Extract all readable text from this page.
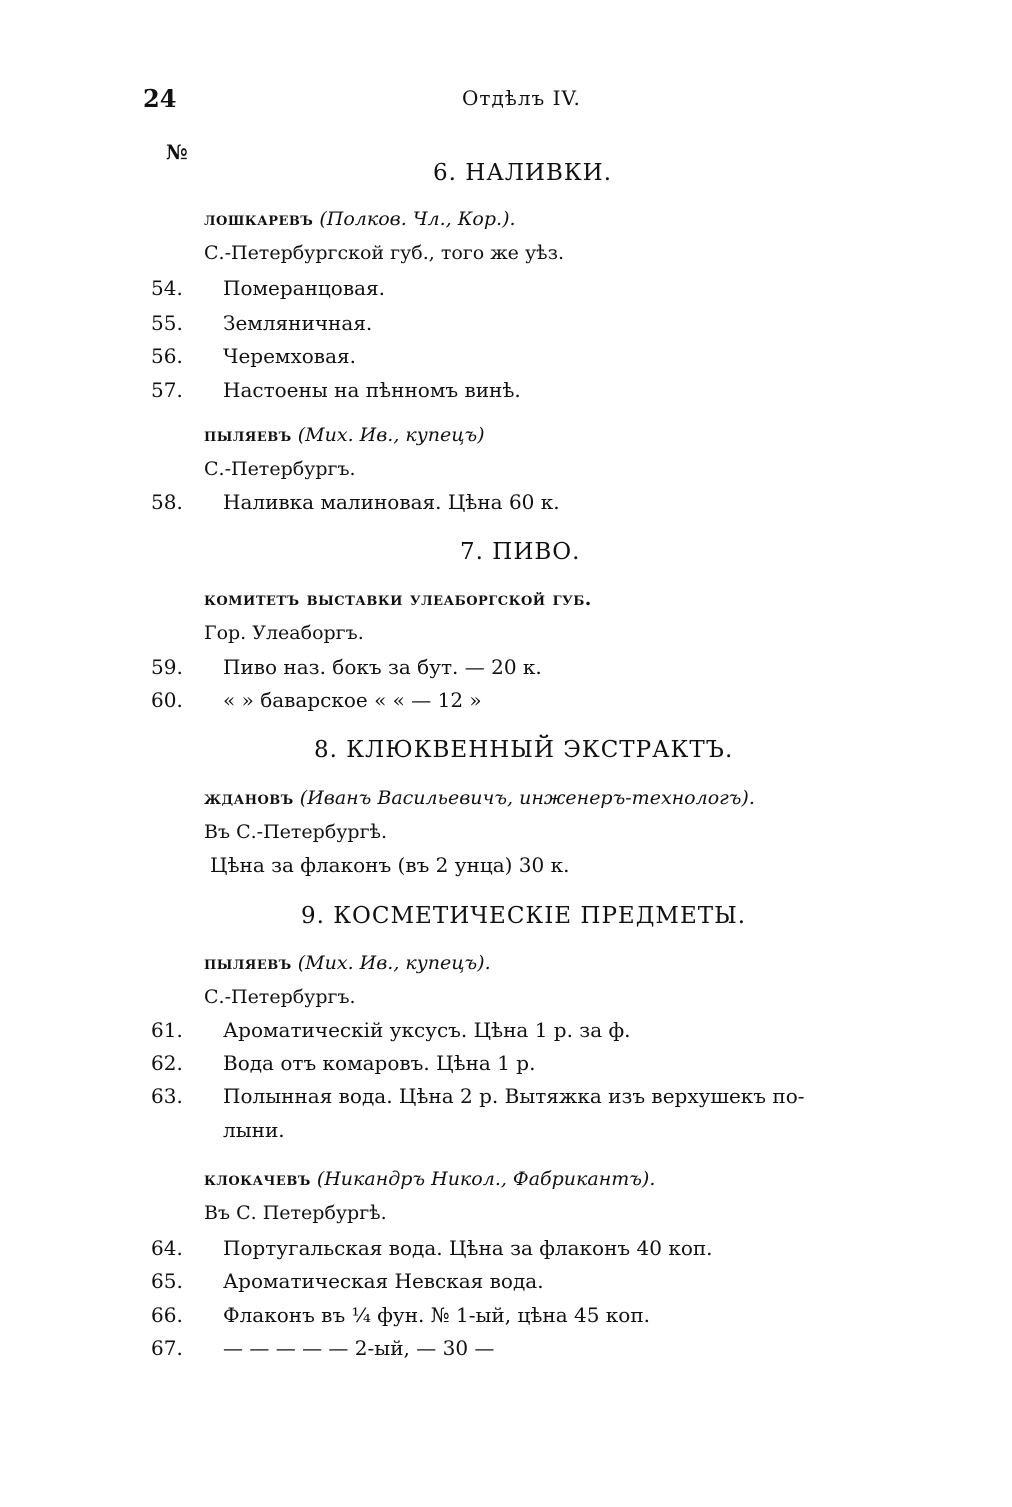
24	Отдѣлъ IV.
№
6. НАЛИВКИ.
лошкаревъ (Полков. Чл., Кор.).
С.-Петербургской губ., того же уѣз.
54. Померанцовая.
55. Земляничная.
56. Черемховая.
57. Настоены на пѣнномъ винѣ.
пыляевъ (Мих. Ив., купецъ)
С.-Петербургъ.
58. Наливка малиновая. Цѣна 60 к.
7. ПИВО.
комитетъ выставки улеаборгской губ.
Гор. Улеаборгъ.
59. Пиво наз. бокъ за бут. — 20 к.
60. « » баварское « « — 12 »
8. КЛЮКВЕННЫЙ ЭКСТРАКТЪ.
ждановъ (Иванъ Васильевичъ, инженеръ-технологъ).
Въ С.-Петербургѣ.
Цѣна за флаконъ (въ 2 унца) 30 к.
9. КОСМЕТИЧЕСКІЕ ПРЕДМЕТЫ.
пыляевъ (Мих. Ив., купецъ).
С.-Петербургъ.
61. Ароматическій уксусъ. Цѣна 1 р. за ф.
62. Вода отъ комаровъ. Цѣна 1 р.
63. Полынная вода. Цѣна 2 р. Вытяжка изъ верхушекъ по-
лыни.
клокачевъ (Никандръ Никол., Фабрикантъ).
Въ С. Петербургѣ.
64. Португальская вода. Цѣна за флаконъ 40 коп.
65. Ароматическая Невская вода.
66. Флаконъ въ ¼ фун. № 1-ый, цѣна 45 коп.
67. — — — — — 2-ый, — 30 —
